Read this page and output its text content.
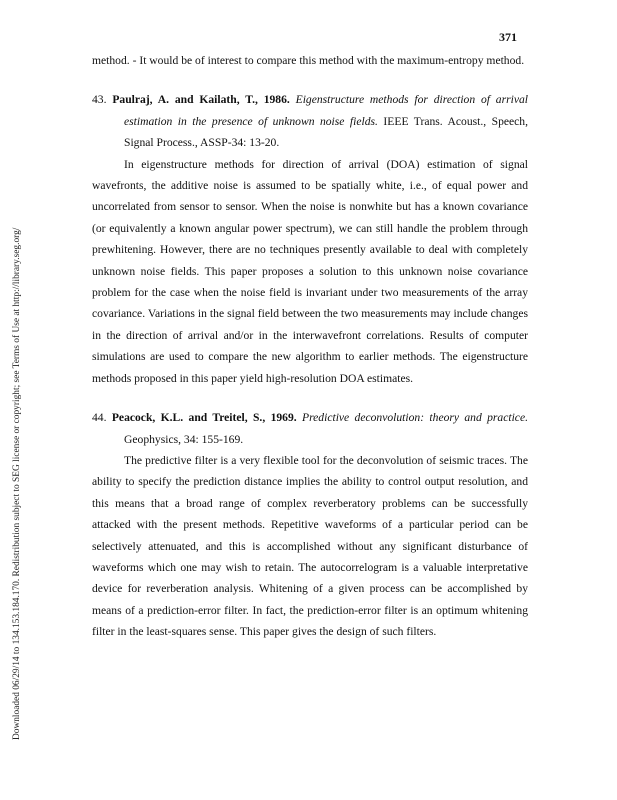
371
Downloaded 06/29/14 to 134.153.184.170. Redistribution subject to SEG license or copyright; see Terms of Use at http://library.seg.org/

method. - It would be of interest to compare this method with the maximum-entropy method.

43. Paulraj, A. and Kailath, T., 1986. Eigenstructure methods for direction of arrival estimation in the presence of unknown noise fields. IEEE Trans. Acoust., Speech, Signal Process., ASSP-34: 13-20.

In eigenstructure methods for direction of arrival (DOA) estimation of signal wavefronts, the additive noise is assumed to be spatially white, i.e., of equal power and uncorrelated from sensor to sensor. When the noise is nonwhite but has a known covariance (or equivalently a known angular power spectrum), we can still handle the problem through prewhitening. However, there are no techniques presently available to deal with completely unknown noise fields. This paper proposes a solution to this unknown noise covariance problem for the case when the noise field is invariant under two measurements of the array covariance. Variations in the signal field between the two measurements may include changes in the direction of arrival and/or in the interwavefront correlations. Results of computer simulations are used to compare the new algorithm to earlier methods. The eigenstructure methods proposed in this paper yield high-resolution DOA estimates.

44. Peacock, K.L. and Treitel, S., 1969. Predictive deconvolution: theory and practice. Geophysics, 34: 155-169.

The predictive filter is a very flexible tool for the deconvolution of seismic traces. The ability to specify the prediction distance implies the ability to control output resolution, and this means that a broad range of complex reverberatory problems can be successfully attacked with the present methods. Repetitive waveforms of a particular period can be selectively attenuated, and this is accomplished without any significant disturbance of waveforms which one may wish to retain. The autocorrelogram is a valuable interpretative device for reverberation analysis. Whitening of a given process can be accomplished by means of a prediction-error filter. In fact, the prediction-error filter is an optimum whitening filter in the least-squares sense. This paper gives the design of such filters.
